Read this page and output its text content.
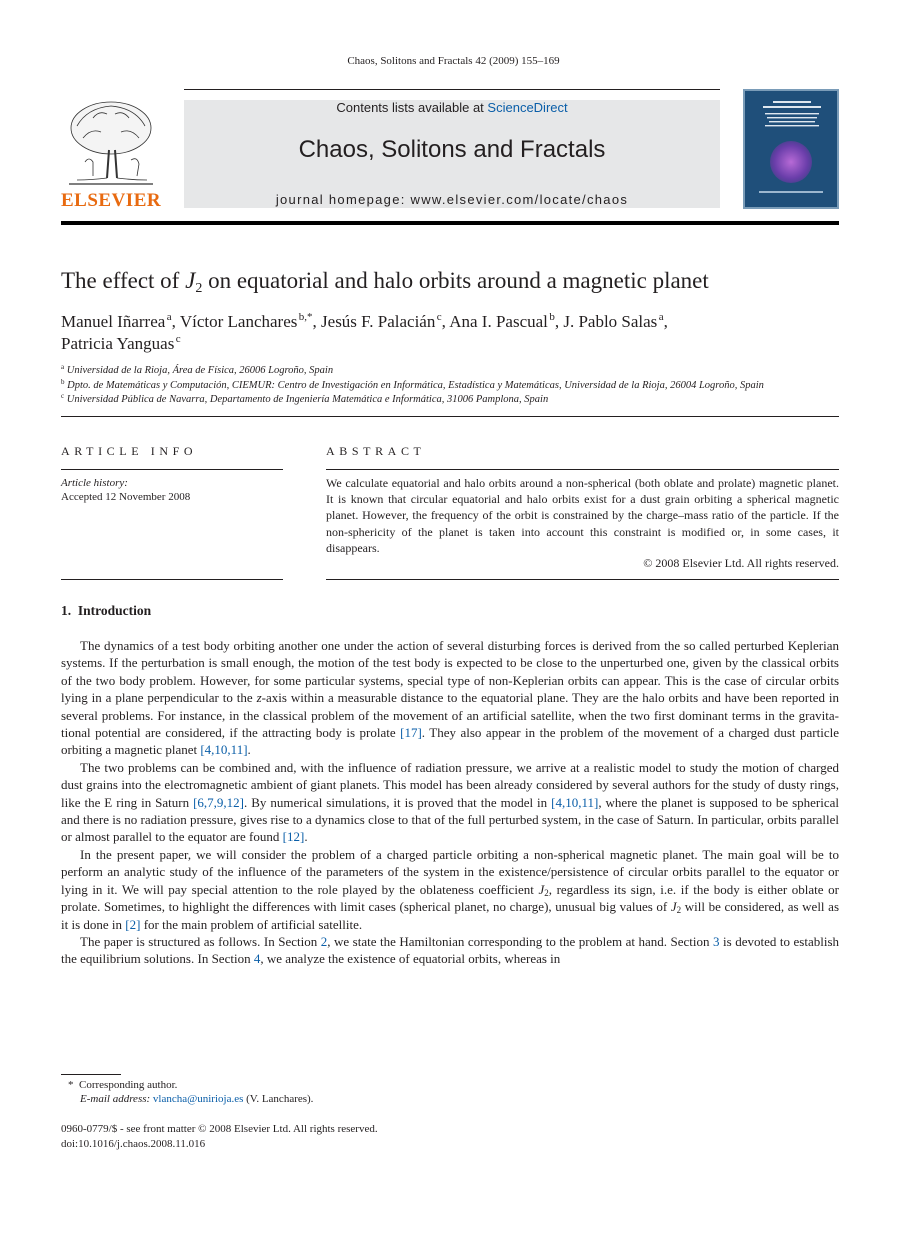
Chaos, Solitons and Fractals 42 (2009) 155–169
ELSEVIER
Contents lists available at ScienceDirect
Chaos, Solitons and Fractals
journal homepage: www.elsevier.com/locate/chaos
The effect of $J_2$ on equatorial and halo orbits around a magnetic planet
Manuel Iñarrea $^a$, Víctor Lanchares $^{b,*}$, Jesús F. Palacián $^c$, Ana I. Pascual $^b$, J. Pablo Salas $^a$,
Patricia Yanguas $^c$
$^a$ Universidad de la Rioja, Área de Física, 26006 Logroño, Spain
$^b$ Dpto. de Matemáticas y Computación, CIEMUR: Centro de Investigación en Informática, Estadística y Matemáticas, Universidad de la Rioja, 26004 Logroño, Spain
$^c$ Universidad Pública de Navarra, Departamento de Ingeniería Matemática e Informática, 31006 Pamplona, Spain
ARTICLE INFO	ABSTRACT
Article history:
Accepted 12 November 2008
We calculate equatorial and halo orbits around a non-spherical (both oblate and prolate) magnetic planet. It is known that circular equatorial and halo orbits exist for a dust grain orbiting a spherical magnetic planet. However, the frequency of the orbit is constrained by the charge–mass ratio of the particle. If the non-sphericity of the planet is taken into account this constraint is modified or, in some cases, it disappears.
© 2008 Elsevier Ltd. All rights reserved.
1. Introduction

The dynamics of a test body orbiting another one under the action of several disturbing forces is derived from the so called perturbed Keplerian systems. If the perturbation is small enough, the motion of the test body is expected to be close to the unperturbed one, given by the classical orbits of the two body problem. However, for some particular systems, special type of non-Keplerian orbits can appear. This is the case of circular orbits lying in a plane perpendicular to the z-axis within a measurable distance to the equatorial plane. They are the halo orbits and have been reported in several problems. For instance, in the classical problem of the movement of an artificial satellite, when the two first dominant terms in the gravitational potential are considered, if the attracting body is prolate [17]. They also appear in the problem of the movement of a charged dust particle orbiting a magnetic planet [4,10,11].

The two problems can be combined and, with the influence of radiation pressure, we arrive at a realistic model to study the motion of charged dust grains into the electromagnetic ambient of giant planets. This model has been already considered by several authors for the study of dusty rings, like the E ring in Saturn [6,7,9,12]. By numerical simulations, it is proved that the model in [4,10,11], where the planet is supposed to be spherical and there is no radiation pressure, gives rise to a dynamics close to that of the full perturbed system, in the case of Saturn. In particular, orbits parallel or almost parallel to the equator are found [12].

In the present paper, we will consider the problem of a charged particle orbiting a non-spherical magnetic planet. The main goal will be to perform an analytic study of the influence of the parameters of the system in the existence/persistence of circular orbits parallel to the equator or lying in it. We will pay special attention to the role played by the oblateness coefficient $J_2$, regardless its sign, i.e. if the body is either oblate or prolate. Sometimes, to highlight the differences with limit cases (spherical planet, no charge), unusual big values of $J_2$ will be considered, as well as it is done in [2] for the main problem of artificial satellite.

The paper is structured as follows. In Section 2, we state the Hamiltonian corresponding to the problem at hand. Section 3 is devoted to establish the equilibrium solutions. In Section 4, we analyze the existence of equatorial orbits, whereas in

* Corresponding author.
E-mail address: vlancha@unirioja.es (V. Lanchares).
0960-0779/$ - see front matter © 2008 Elsevier Ltd. All rights reserved.
doi:10.1016/j.chaos.2008.11.016
